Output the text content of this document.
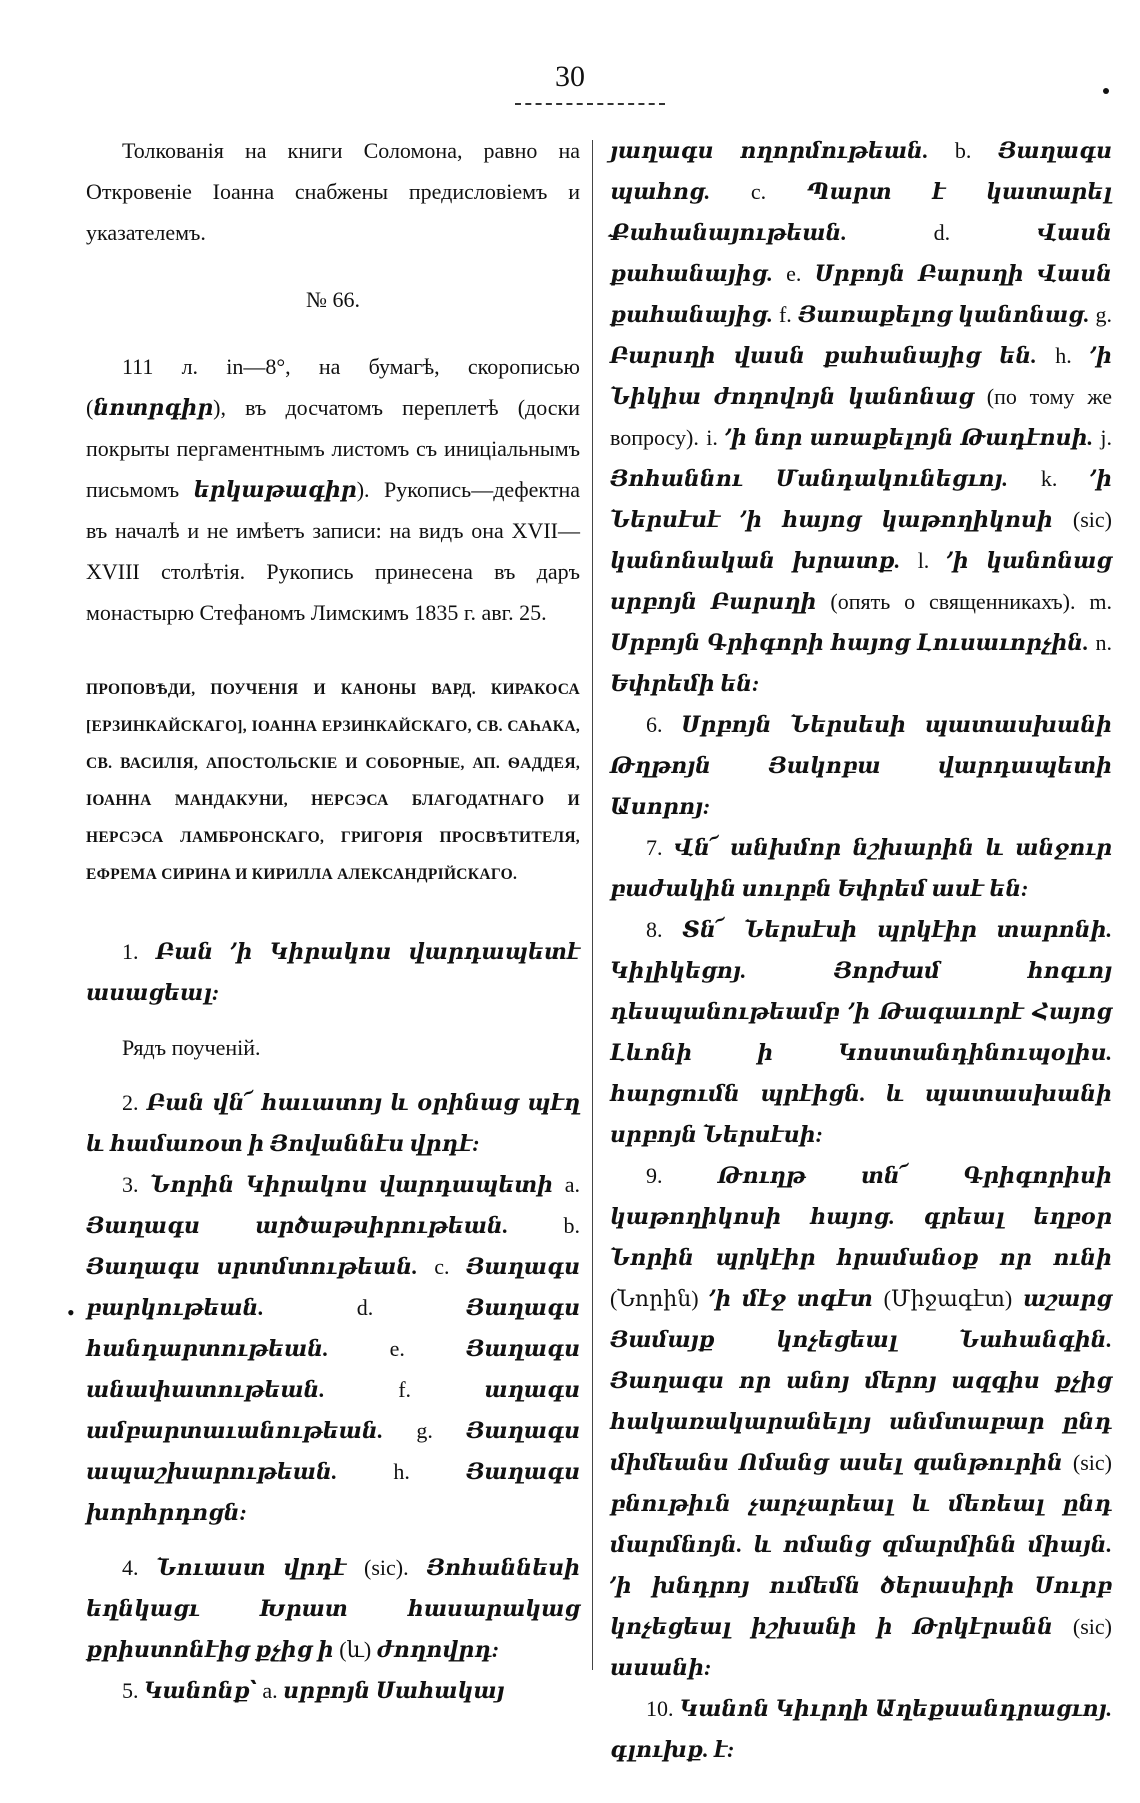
30
•

Толкованія на книги Соломона, равно на Откровеніе Іоанна снабжены предисловіемъ и указателемъ.

№ 66.

111 л. in—8°, на бумагѣ, скорописью (նոտրգիր), въ досчатомъ переплетѣ (доски покрыты пергаментнымъ листомъ съ иниціальнымъ письмомъ երկաթագիր). Рукопись—дефектна въ началѣ и не имѣетъ записи: на видъ она XVII—XVIII столѣтія. Рукопись принесена въ даръ монастырю Стефаномъ Лимскимъ 1835 г. авг. 25.

ПРОПОВѢДИ, ПОУЧЕНІЯ И КАНОНЫ ВАРД. КИРАКОСА [ЕРЗИНКАЙСКАГО], ІОАННА ЕРЗИНКАЙСКАГО, СВ. САҺАКА, СВ. ВАСИЛІЯ, АПОСТОЛЬСКІЕ И СОБОРНЫЕ, АП. ѲАДДЕЯ, ІОАННА МАНДАКУНИ, НЕРСЭСА БЛАГОДАТНАГО И НЕРСЭСА ЛАМБРОНСКАГО, ГРИГОРІЯ ПРОСВѢТИТЕЛЯ, ЕФРЕМА СИРИНА И КИРИЛЛА АЛЕКСАНДРІЙСКАГО.

1. Բան ՚ի Կիրակոս վարդապետէ ասացեալ:

Рядъ поученій.

2. Բան վն՜ հաւատոյ և օրինաց պէղ և համառօտ ի Յովաննէս վրդէ:

3. Նորին Կիրակոս վարդապետի a. Յաղագս արծաթսիրութեան.	b. Յաղագս սրտմտութեան. c. Յաղագս բարկութեան.	d.	Յաղագս հանդարտութեան.	e.	Յաղագս անափատութեան.	f.	աղագս ամբարտաւանութեան. g. Յաղագս ապաշխարութեան.	h.	Յաղագս խորհրդոցն:

4. Նուաստ վրդէ (sic). Յոհաննեսի եղնկացւ Խրատ հասարակաց քրիստոնէից քչից ի (և) ժողովրդ:

5. Կանոնք՝ a. սրբոյն Սահակայ

յաղագս ողորմութեան. b. Յաղագս պահոց. c. Պարտ է կատարել Քահանայութեան. d. Վասն քահանայից. e. Սրբոյն Բարսղի Վասն քահանայից. f. Յառաքելոց կանոնաց. g. Բարսղի վասն քահանայից են. h. ՚ի Նիկիա ժողովոյն կանոնաց (по тому же вопросу). i. ՚ի նոր առաքելոյն Թադէոսի. j. Յոհաննու Մանդակունեցւոյ. k. ՚ի Ներսէսէ ՚ի հայոց կաթողիկոսի (sic) կանոնական խրատք. l. ՚ի կանոնաց սրբոյն Բարսղի (опять о священникахъ). m. Սրբոյն Գրիգորի հայոց Լուսաւորչին. n. Եփրեմի են:

6. Սրբոյն Ներսեսի պատասխանի Թղթոյն Յակոբա վարդապետի Ասորոյ:

7. Վն՜ անխմոր նշխարին և անջուր բաժակին սուրբն Եփրեմ ասէ են:

8. Տն՜ Ներսէսի պրկէիր տարոնի. Կիլիկեցոյ. Յորժամ հոգւոյ դեսպանութեամբ ՚ի Թագաւորէ Հայոց Լևոնի ի Կոստանդինուպօլիս. հարցումն պրէիցն. և պատասխանի սրբոյն Ներսէսի:

9.	Թուղթ տն՜ Գրիգորիսի կաթողիկոսի հայոց. գրեալ եղբօր Նորին պրկէիր հրամանօք որ ունի (Նորին) ՚ի մէջ տգէտ (Միջագէտ) աշարց Յամայք կոչեցեալ Նահանգին. Յաղագս որ անոյ մերոյ ազգիս քչից հակառակարանելոյ անմտաբար ընդ միմեանս Ոմանց ասել զանթուրին (sic) բնութիւն չարչարեալ և մեռեալ ընդ մարմնոյն. և ոմանց զմարմինն միայն. ՚ի խնդրոյ ումեմն ծերասիրի Սուրբ կոչեցեալ իշխանի ի Թրկէրանն (sic) ասանի:

10. Կանոն Կիւրղի Աղեքսանդրացւոյ. գլուխք. է:
